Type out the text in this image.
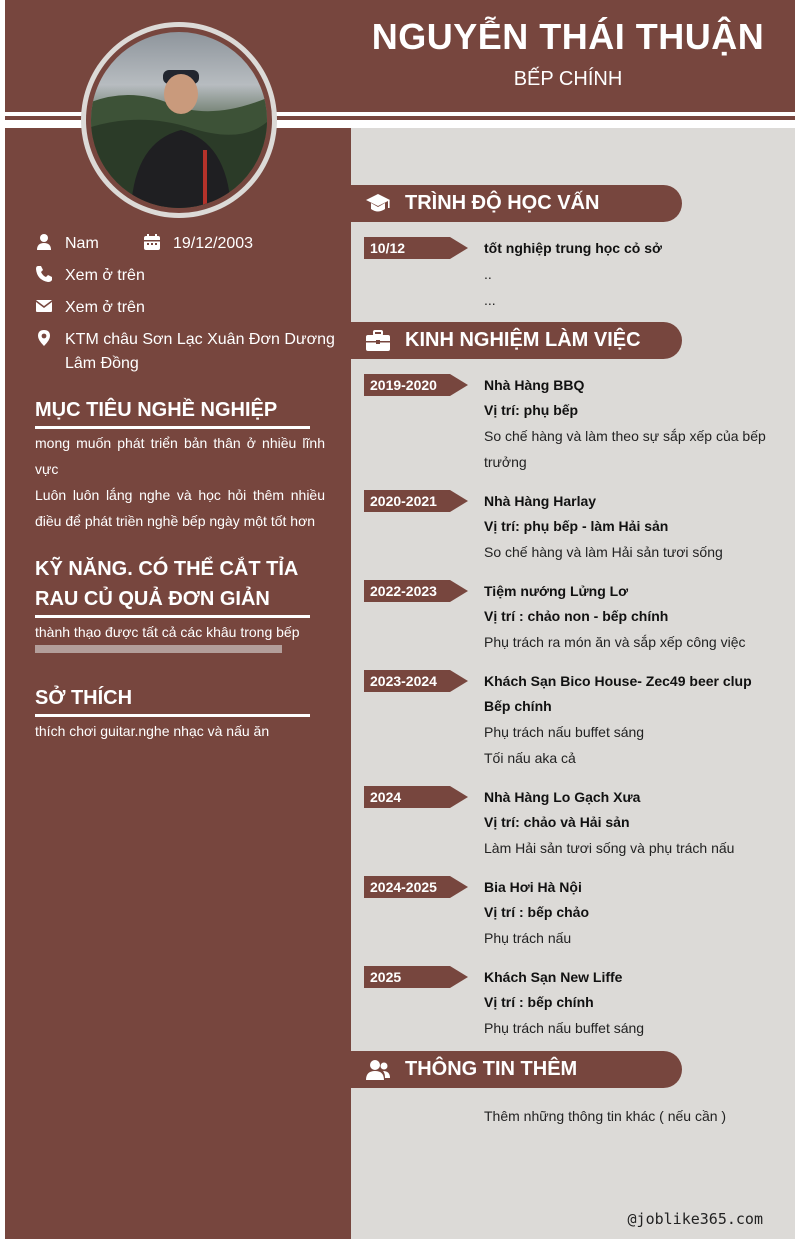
NGUYỄN THÁI THUẬN
BẾP CHÍNH
Nam	19/12/2003
Xem ở trên
Xem ở trên
KTM châu Sơn Lạc Xuân Đơn Dương Lâm Đồng
MỤC TIÊU NGHỀ NGHIỆP
mong muốn phát triển bản thân ở nhiều lĩnh vực
Luôn luôn lắng nghe và học hỏi thêm nhiều điều để phát triền nghề bếp ngày một tốt hơn
KỸ NĂNG. CÓ THỂ CẮT TỈA RAU CỦ QUẢ ĐƠN GIẢN
thành thạo được tất cả các khâu trong bếp
SỞ THÍCH
thích chơi guitar.nghe nhạc và nấu ăn
TRÌNH ĐỘ HỌC VẤN
10/12	tốt nghiệp trung học cỏ sở
..
...
KINH NGHIỆM LÀM VIỆC
2019-2020	Nhà Hàng BBQ
Vị trí: phụ bếp
So chế hàng và làm theo sự sắp xếp của bếp trưởng
2020-2021	Nhà Hàng Harlay
Vị trí: phụ bếp - làm Hải sản
So chế hàng và làm Hải sản tươi sống
2022-2023	Tiệm nướng Lửng Lơ
Vị trí : chảo non - bếp chính
Phụ trách ra món ăn và sắp xếp công việc
2023-2024	Khách Sạn Bico House- Zec49 beer clup
Bếp chính
Phụ trách nấu buffet sáng
Tối nấu aka cả
2024	Nhà Hàng Lo Gạch Xưa
Vị trí: chảo và Hải sản
Làm Hải sản tươi sống và phụ trách nấu
2024-2025	Bia Hơi Hà Nội
Vị trí : bếp chảo
Phụ trách nấu
2025	Khách Sạn New Liffe
Vị trí : bếp chính
Phụ trách nấu buffet sáng
THÔNG TIN THÊM
Thêm những thông tin khác ( nếu cần )
@joblike365.com
